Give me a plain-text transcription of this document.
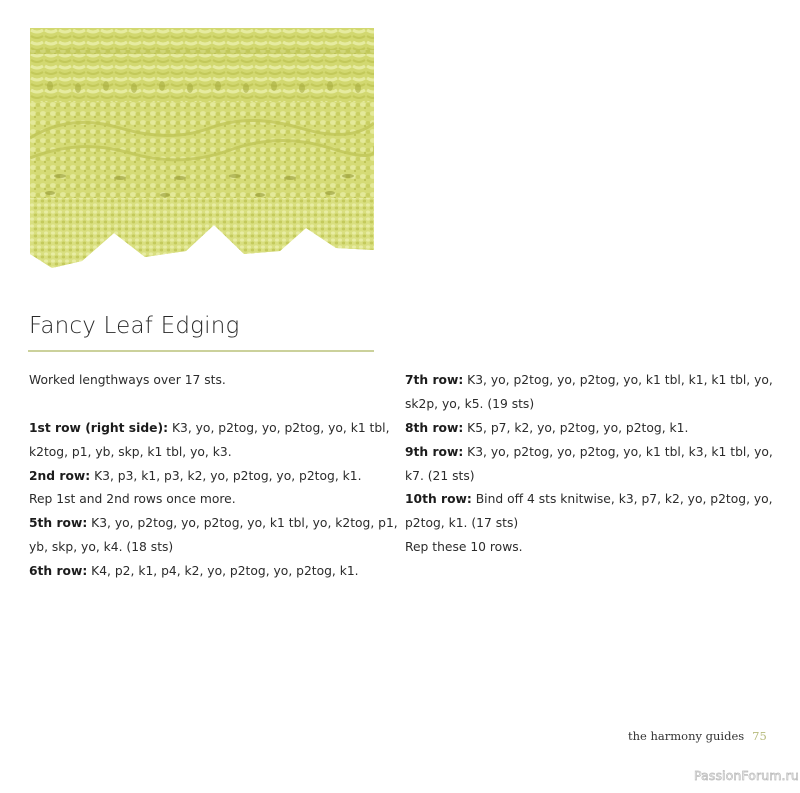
Fancy Leaf Edging
Worked lengthways over 17 sts.
1st row (right side): K3, yo, p2tog, yo, p2tog, yo, k1 tbl,
k2tog, p1, yb, skp, k1 tbl, yo, k3.
2nd row: K3, p3, k1, p3, k2, yo, p2tog, yo, p2tog, k1.
Rep 1st and 2nd rows once more.
5th row: K3, yo, p2tog, yo, p2tog, yo, k1 tbl, yo, k2tog, p1,
yb, skp, yo, k4. (18 sts)
6th row: K4, p2, k1, p4, k2, yo, p2tog, yo, p2tog, k1.
7th row: K3, yo, p2tog, yo, p2tog, yo, k1 tbl, k1, k1 tbl, yo,
sk2p, yo, k5. (19 sts)
8th row: K5, p7, k2, yo, p2tog, yo, p2tog, k1.
9th row: K3, yo, p2tog, yo, p2tog, yo, k1 tbl, k3, k1 tbl, yo,
k7. (21 sts)
10th row: Bind off 4 sts knitwise, k3, p7, k2, yo, p2tog, yo,
p2tog, k1. (17 sts)
Rep these 10 rows.
the harmony guides 75
PassionForum.ru
